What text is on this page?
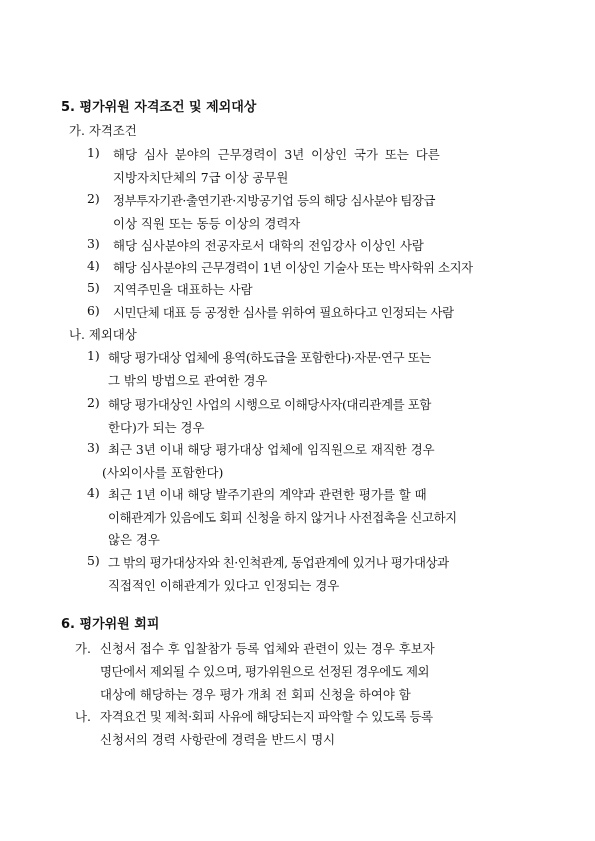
5. 평가위원 자격조건 및 제외대상
가. 자격조건
1) 해당 심사 분야의 근무경력이 3년 이상인 국가 또는 다른
지방자치단체의 7급 이상 공무원
2) 정부투자기관·출연기관·지방공기업 등의 해당 심사분야 팀장급
이상 직원 또는 동등 이상의 경력자
3) 해당 심사분야의 전공자로서 대학의 전임강사 이상인 사람
4) 해당 심사분야의 근무경력이 1년 이상인 기술사 또는 박사학위 소지자
5) 지역주민을 대표하는 사람
6) 시민단체 대표 등 공정한 심사를 위하여 필요하다고 인정되는 사람
나. 제외대상
1) 해당 평가대상 업체에 용역(하도급을 포함한다)·자문·연구 또는
그 밖의 방법으로 관여한 경우
2) 해당 평가대상인 사업의 시행으로 이해당사자(대리관계를 포함
한다)가 되는 경우
3) 최근 3년 이내 해당 평가대상 업체에 임직원으로 재직한 경우
(사외이사를 포함한다)
4) 최근 1년 이내 해당 발주기관의 계약과 관련한 평가를 할 때
이해관계가 있음에도 회피 신청을 하지 않거나 사전접촉을 신고하지
않은 경우
5) 그 밖의 평가대상자와 친·인척관계, 동업관계에 있거나 평가대상과
직접적인 이해관계가 있다고 인정되는 경우
6. 평가위원 회피
가. 신청서 접수 후 입찰참가 등록 업체와 관련이 있는 경우 후보자
명단에서 제외될 수 있으며, 평가위원으로 선정된 경우에도 제외
대상에 해당하는 경우 평가 개최 전 회피 신청을 하여야 함
나. 자격요건 및 제척·회피 사유에 해당되는지 파악할 수 있도록 등록
신청서의 경력 사항란에 경력을 반드시 명시
